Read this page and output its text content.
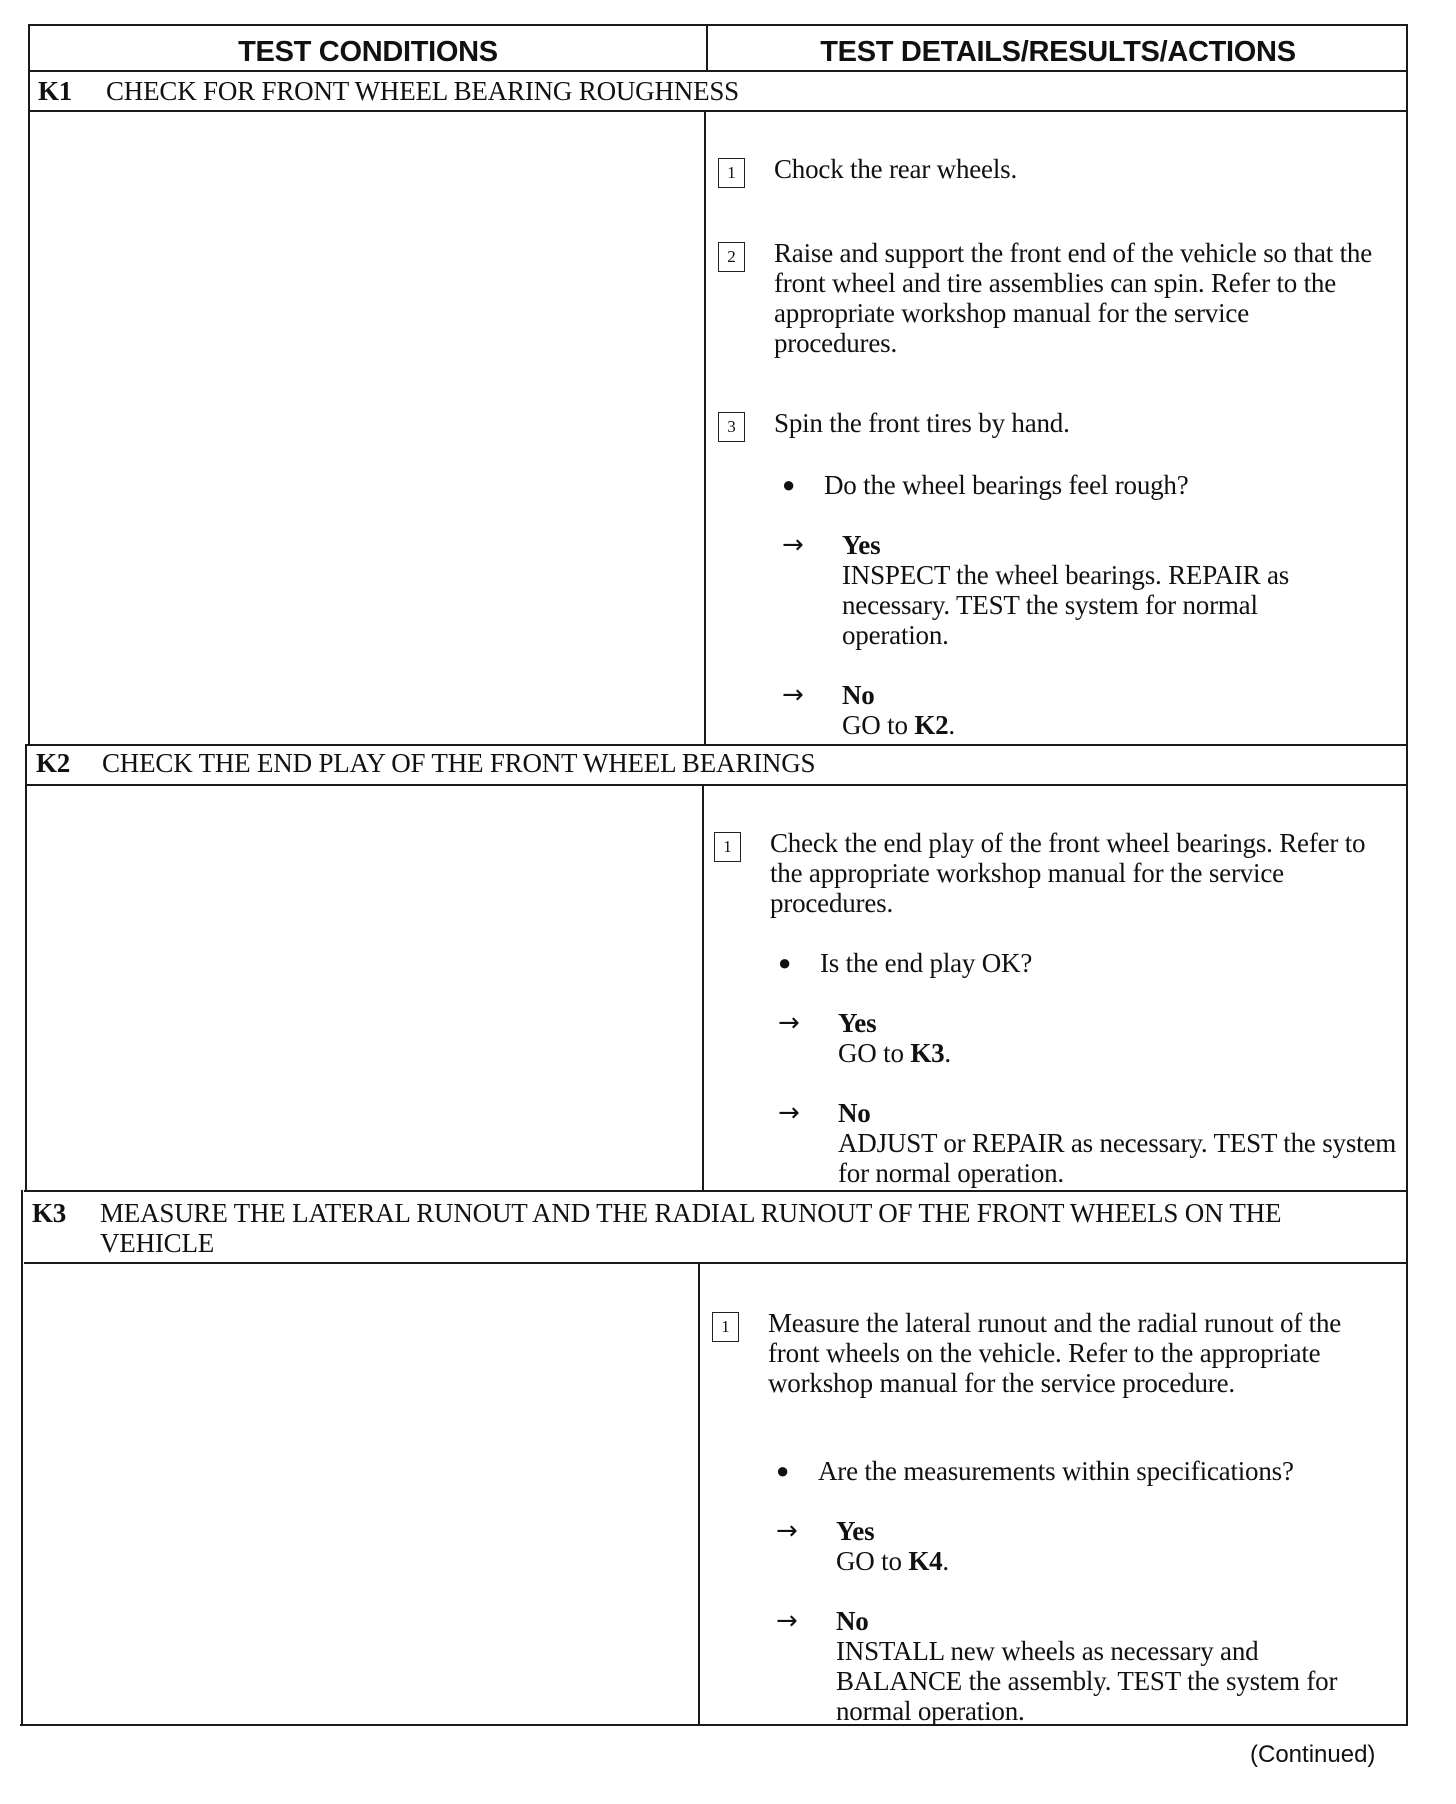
TEST CONDITIONS	TEST DETAILS/RESULTS/ACTIONS
K1 CHECK FOR FRONT WHEEL BEARING ROUGHNESS
1	Chock the rear wheels.
2	Raise and support the front end of the vehicle so that the front wheel and tire assemblies can spin. Refer to the appropriate workshop manual for the service procedures.
3	Spin the front tires by hand.
● Do the wheel bearings feel rough?
→ Yes
INSPECT the wheel bearings. REPAIR as necessary. TEST the system for normal operation.
→ No
GO to K2.
K2 CHECK THE END PLAY OF THE FRONT WHEEL BEARINGS
1	Check the end play of the front wheel bearings. Refer to the appropriate workshop manual for the service procedures.
● Is the end play OK?
→ Yes
GO to K3.
→ No
ADJUST or REPAIR as necessary. TEST the system for normal operation.
K3 MEASURE THE LATERAL RUNOUT AND THE RADIAL RUNOUT OF THE FRONT WHEELS ON THE VEHICLE
1	Measure the lateral runout and the radial runout of the front wheels on the vehicle. Refer to the appropriate workshop manual for the service procedure.
● Are the measurements within specifications?
→ Yes
GO to K4.
→ No
INSTALL new wheels as necessary and BALANCE the assembly. TEST the system for normal operation.
(Continued)
